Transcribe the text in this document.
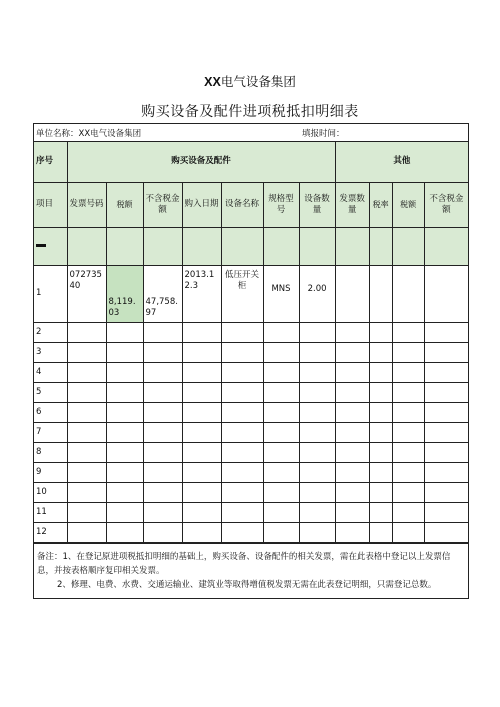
XX电气设备集团
购买设备及配件进项税抵扣明细表
单位名称：XX电气设备集团	填报时间：
序号	购买设备及配件							其他			
项目	发票号码	税额	不含税金额	购入日期	设备名称	规格型号	设备数量	发票数量	税率	税额	不含税金额

1	07273540	8,119.03	47,758.97	2013.12.3	低压开关柜	MNS	2.00				
2											
3											
4											
5											
6											
7											
8											
9											
10											
11											
12											

备注：1、在登记原进项税抵扣明细的基础上，购买设备、设备配件的相关发票，需在此表格中登记以上发票信息，并按表格顺序复印相关发票。

2、修理、电费、水费、交通运输业、建筑业等取得增值税发票无需在此表登记明细，只需登记总数。
